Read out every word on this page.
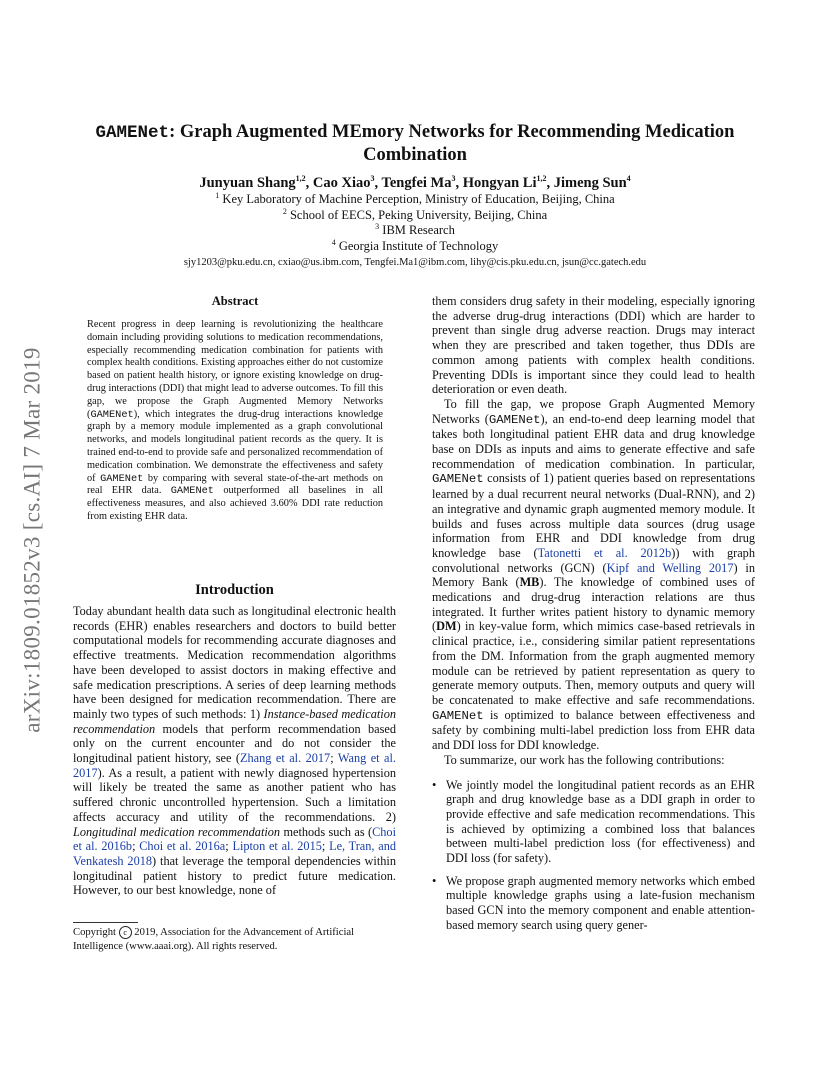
arXiv:1809.01852v3 [cs.AI] 7 Mar 2019
GAMENet: Graph Augmented MEmory Networks for Recommending Medication Combination
Junyuan Shang$^{1,2}$, Cao Xiao$^3$, Tengfei Ma$^3$, Hongyan Li$^{1,2}$, Jimeng Sun$^4$
$^1$ Key Laboratory of Machine Perception, Ministry of Education, Beijing, China
$^2$ School of EECS, Peking University, Beijing, China
$^3$ IBM Research
$^4$ Georgia Institute of Technology
sjy1203@pku.edu.cn, cxiao@us.ibm.com, Tengfei.Ma1@ibm.com, lihy@cis.pku.edu.cn, jsun@cc.gatech.edu
Abstract

Recent progress in deep learning is revolutionizing the healthcare domain including providing solutions to medication recommendations, especially recommending medication combination for patients with complex health conditions. Existing approaches either do not customize based on patient health history, or ignore existing knowledge on drug-drug interactions (DDI) that might lead to adverse outcomes. To fill this gap, we propose the Graph Augmented Memory Networks (GAMENet), which integrates the drug-drug interactions knowledge graph by a memory module implemented as a graph convolutional networks, and models longitudinal patient records as the query. It is trained end-to-end to provide safe and personalized recommendation of medication combination. We demonstrate the effectiveness and safety of GAMENet by comparing with several state-of-the-art methods on real EHR data. GAMENet outperformed all baselines in all effectiveness measures, and also achieved 3.60% DDI rate reduction from existing EHR data.

Introduction

Today abundant health data such as longitudinal electronic health records (EHR) enables researchers and doctors to build better computational models for recommending accurate diagnoses and effective treatments. Medication recommendation algorithms have been developed to assist doctors in making effective and safe medication prescriptions. A series of deep learning methods have been designed for medication recommendation. There are mainly two types of such methods: 1) Instance-based medication recommendation models that perform recommendation based only on the current encounter and do not consider the longitudinal patient history, see (Zhang et al. 2017; Wang et al. 2017). As a result, a patient with newly diagnosed hypertension will likely be treated the same as another patient who has suffered chronic uncontrolled hypertension. Such a limitation affects accuracy and utility of the recommendations. 2) Longitudinal medication recommendation methods such as (Choi et al. 2016b; Choi et al. 2016a; Lipton et al. 2015; Le, Tran, and Venkatesh 2018) that leverage the temporal dependencies within longitudinal patient history to predict future medication. However, to our best knowledge, none of

Copyright c 2019, Association for the Advancement of Artificial Intelligence (www.aaai.org). All rights reserved.

them considers drug safety in their modeling, especially ignoring the adverse drug-drug interactions (DDI) which are harder to prevent than single drug adverse reaction. Drugs may interact when they are prescribed and taken together, thus DDIs are common among patients with complex health conditions. Preventing DDIs is important since they could lead to health deterioration or even death.

To fill the gap, we propose Graph Augmented Memory Networks (GAMENet), an end-to-end deep learning model that takes both longitudinal patient EHR data and drug knowledge base on DDIs as inputs and aims to generate effective and safe recommendation of medication combination. In particular, GAMENet consists of 1) patient queries based on representations learned by a dual recurrent neural networks (Dual-RNN), and 2) an integrative and dynamic graph augmented memory module. It builds and fuses across multiple data sources (drug usage information from EHR and DDI knowledge from drug knowledge base (Tatonetti et al. 2012b)) with graph convolutional networks (GCN) (Kipf and Welling 2017) in Memory Bank (MB). The knowledge of combined uses of medications and drug-drug interaction relations are thus integrated. It further writes patient history to dynamic memory (DM) in key-value form, which mimics case-based retrievals in clinical practice, i.e., considering similar patient representations from the DM. Information from the graph augmented memory module can be retrieved by patient representation as query to generate memory outputs. Then, memory outputs and query will be concatenated to make effective and safe recommendations. GAMENet is optimized to balance between effectiveness and safety by combining multi-label prediction loss from EHR data and DDI loss for DDI knowledge.

To summarize, our work has the following contributions:

• We jointly model the longitudinal patient records as an EHR graph and drug knowledge base as a DDI graph in order to provide effective and safe medication recommendations. This is achieved by optimizing a combined loss that balances between multi-label prediction loss (for effectiveness) and DDI loss (for safety).
• We propose graph augmented memory networks which embed multiple knowledge graphs using a late-fusion mechanism based GCN into the memory component and enable attention-based memory search using query gener-
